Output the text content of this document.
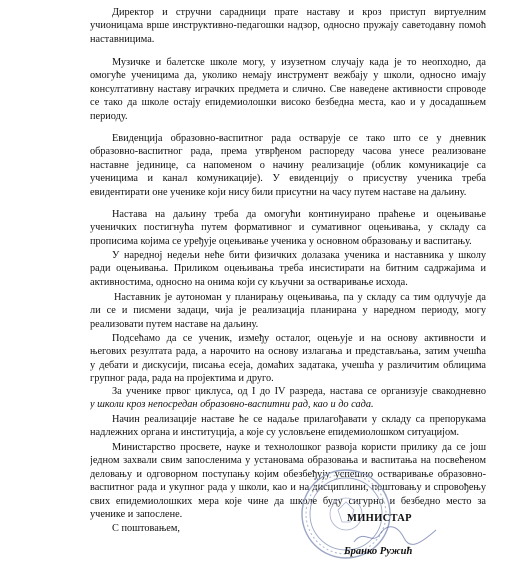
Директор и стручни сарадници прате наставу и кроз приступ виртуелним
учионицама врше инструктивно-педагошки надзор, односно пружају саветодавну помоћ
наставницима.

Музичке и балетске школе могу, у изузетном случају када је то неопходно, да
омогуће ученицима да, уколико немају инструмент вежбају у школи, односно имају
консултативну наставу играчких предмета и слично. Све наведене активности спроводе
се тако да школе остају епидемиолошки високо безбедна места, као и у досадашњем
периоду.

Евиденција образовно-васпитног рада остварује се тако што се у дневник
образовно-васпитног рада, према утврђеном распореду часова унесе реализоване
наставне јединице, са напоменом о начину реализације (облик комуникације са
ученицима и канал комуникације). У евиденцију о присуству ученика треба
евидентирати оне ученике који нису били присутни на часу путем наставе на даљину.

Настава на даљину треба да омогући континуирано праћење и оцењивање
ученичких постигнућа путем формативног и сумативног оцењивања, у складу са
прописима којима се уређује оцењивање ученика у основном образовању и васпитању.

У наредној недељи неће бити физичких долазака ученика и наставника у школу
ради оцењивања. Приликом оцењивања треба инсистирати на битним садржајима и
активностима, односно на онима који су кључни за остваривање исхода.

Наставник је аутономан у планирању оцењивања, па у складу са тим одлучује да
ли се и писмени задаци, чија је реализација планирана у наредном периоду, могу
реализовати путем наставе на даљину.

Подсећамо да се ученик, између осталог, оцењује и на основу активности и
његових резултата рада, а нарочито на основу излагања и представљања, затим учешћа
у дебати и дискусији, писања есеја, домаћих задатака, учешћа у различитим облицима
групног рада, рада на пројектима и друго.

За ученике првог циклуса, од I до IV разреда, настава се организује свакодневно
у школи кроз непосредан образовно-васпитни рад, као и до сада.

Начин реализације наставе ће се надаље прилагођавати у складу са препорукама
надлежних органа и институција, а које су условљене епидемиолошком ситуацијом.

Министарство просвете, науке и технолошког развоја користи прилику да се још
једном захвали свим запосленима у установама образовања и васпитања на посвећеном
деловању и одговорном поступању којим обезбеђују успешно остваривање образовно-
васпитног рада и укупног рада у школи, као и на дисциплини, поштовању и спровођењу
свих епидемиолошких мера које чине да школе буду сигурно и безбедно место за
ученике и запослене.

С поштовањем,

МИНИСТАР
Бранко Ружић
